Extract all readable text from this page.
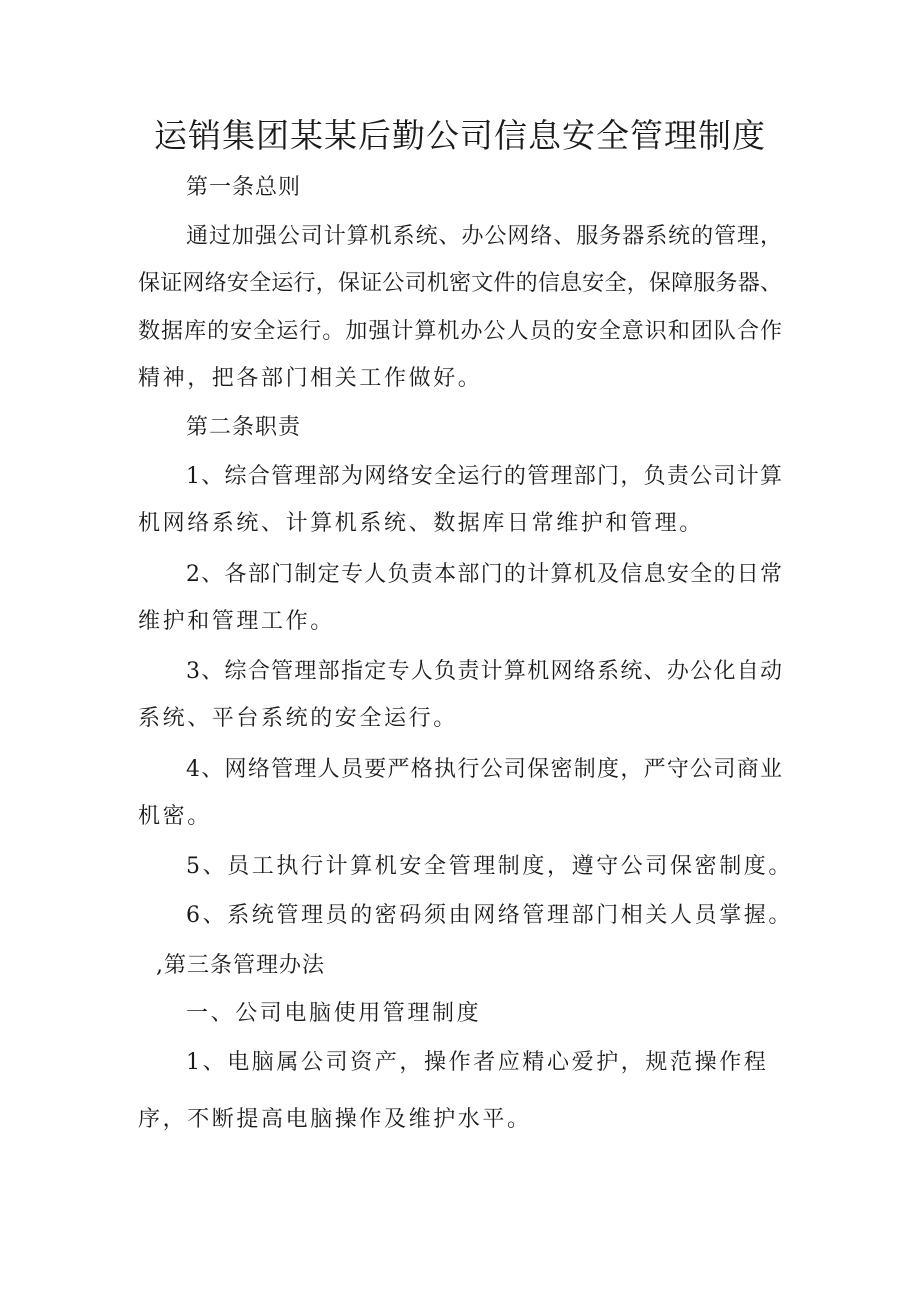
运销集团某某后勤公司信息安全管理制度
第一条总则
通过加强公司计算机系统、办公网络、服务器系统的管理，
保证网络安全运行，保证公司机密文件的信息安全，保障服务器、
数据库的安全运行。加强计算机办公人员的安全意识和团队合作
精神，把各部门相关工作做好。
第二条职责
1、综合管理部为网络安全运行的管理部门，负责公司计算
机网络系统、计算机系统、数据库日常维护和管理。
2、各部门制定专人负责本部门的计算机及信息安全的日常
维护和管理工作。
3、综合管理部指定专人负责计算机网络系统、办公化自动
系统、平台系统的安全运行。
4、网络管理人员要严格执行公司保密制度，严守公司商业
机密。
5、员工执行计算机安全管理制度，遵守公司保密制度。
6、系统管理员的密码须由网络管理部门相关人员掌握。
,第三条管理办法
一、公司电脑使用管理制度
1、电脑属公司资产，操作者应精心爱护，规范操作程
序，不断提高电脑操作及维护水平。
